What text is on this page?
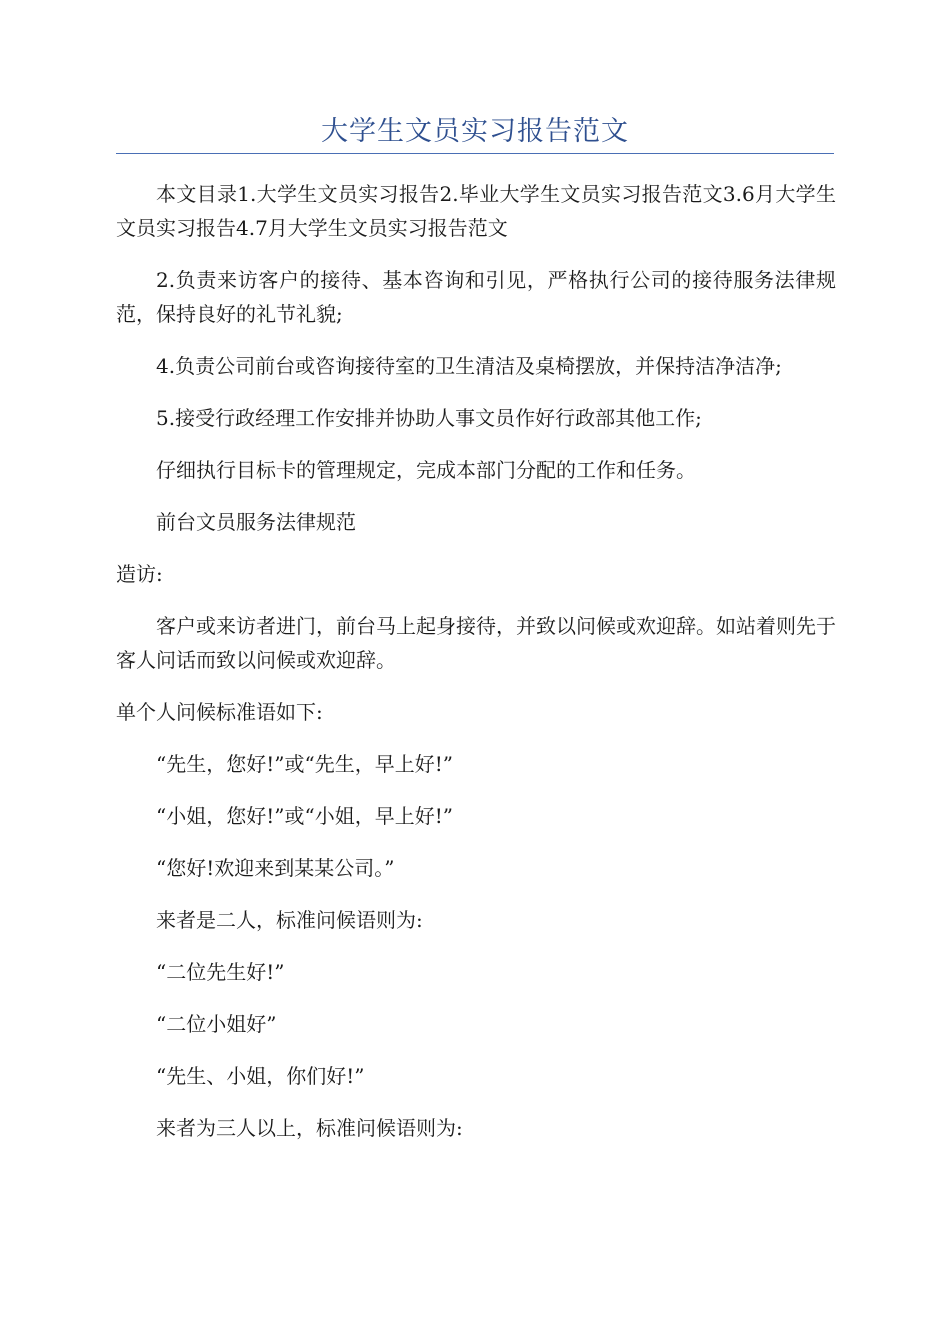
大学生文员实习报告范文

本文目录1.大学生文员实习报告2.毕业大学生文员实习报告范文3.6月大学生文员实习报告4.7月大学生文员实习报告范文

2.负责来访客户的接待、基本咨询和引见，严格执行公司的接待服务法律规范，保持良好的礼节礼貌;

4.负责公司前台或咨询接待室的卫生清洁及桌椅摆放，并保持洁净洁净;

5.接受行政经理工作安排并协助人事文员作好行政部其他工作;

仔细执行目标卡的管理规定，完成本部门分配的工作和任务。

前台文员服务法律规范

造访:

客户或来访者进门，前台马上起身接待，并致以问候或欢迎辞。如站着则先于客人问话而致以问候或欢迎辞。

单个人问候标准语如下:

“先生，您好!”或“先生，早上好!”

“小姐，您好!”或“小姐，早上好!”

“您好!欢迎来到某某公司。”

来者是二人，标准问候语则为:

“二位先生好!”

“二位小姐好”

“先生、小姐，你们好!”

来者为三人以上，标准问候语则为:
